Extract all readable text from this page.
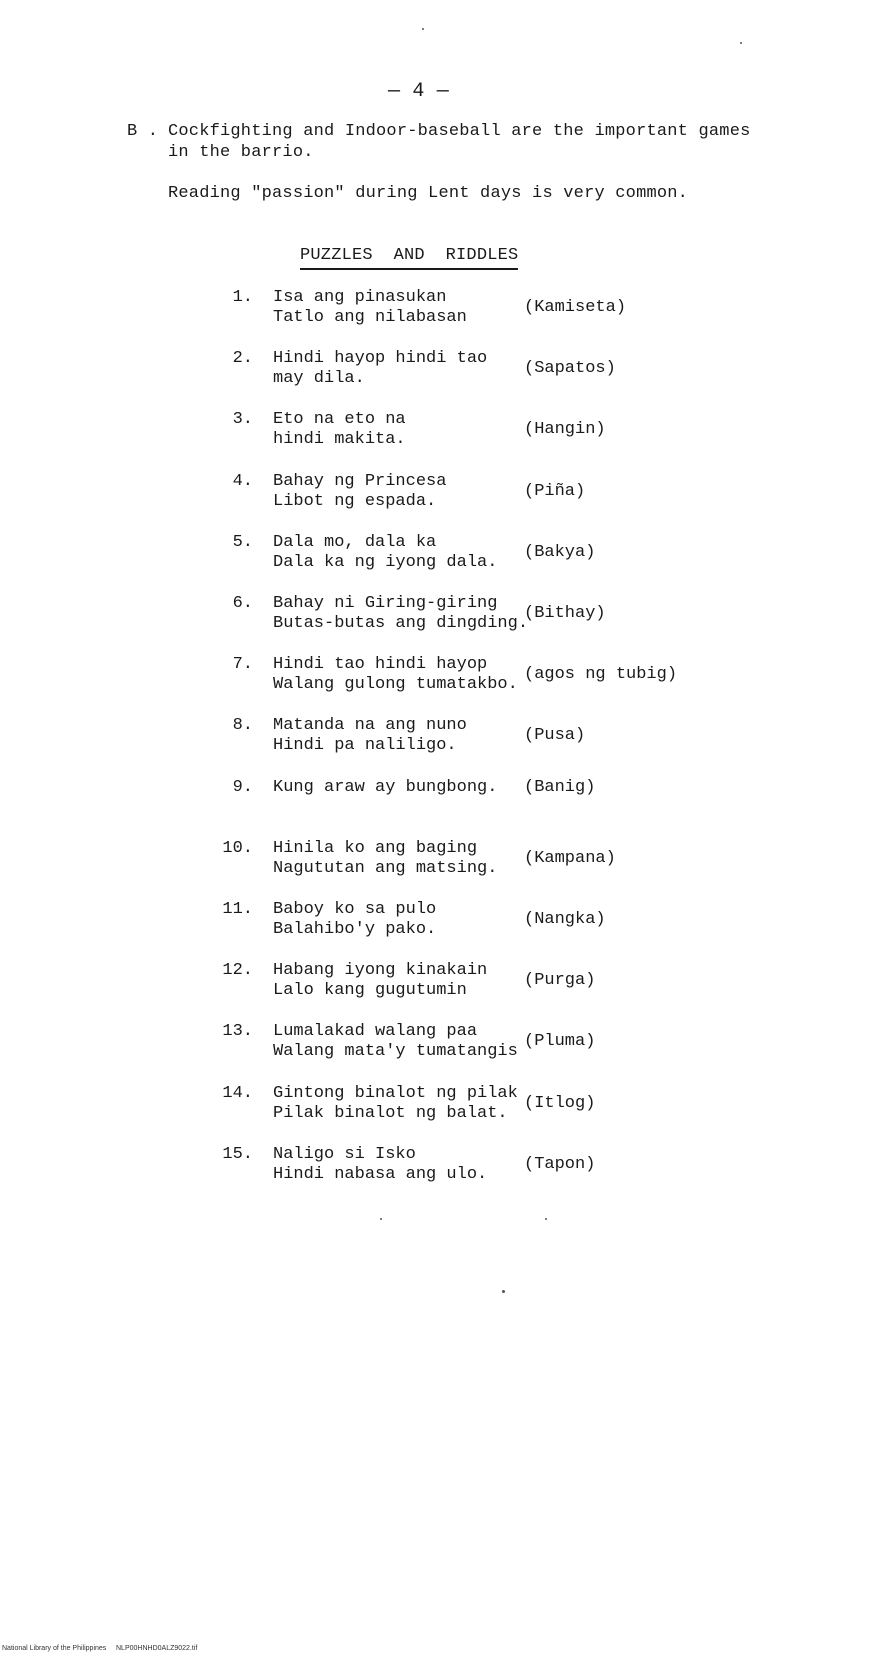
— 4 —
B . Cockfighting and Indoor-baseball are the important games
in the barrio.
Reading "passion" during Lent days is very common.
PUZZLES  AND  RIDDLES
1. Isa ang pinasukan
Tatlo ang nilabasan
(Kamiseta)
2. Hindi hayop hindi tao
may dila.
(Sapatos)
3. Eto na eto na
hindi makita.
(Hangin)
4. Bahay ng Princesa
Libot ng espada.
(Piña)
5. Dala mo, dala ka
Dala ka ng iyong dala.
(Bakya)
6. Bahay ni Giring-giring
Butas-butas ang dingding.
(Bithay)
7. Hindi tao hindi hayop
Walang gulong tumatakbo.
(agos ng tubig)
8. Matanda na ang nuno
Hindi pa naliligo.
(Pusa)
9. Kung araw ay bungbong. (Banig)
10. Hinila ko ang baging
Nagututan ang matsing.
(Kampana)
11. Baboy ko sa pulo
Balahibo'y pako.
(Nangka)
12. Habang iyong kinakain
Lalo kang gugutumin
(Purga)
13. Lumalakad walang paa
Walang mata'y tumatangis
(Pluma)
14. Gintong binalot ng pilak
Pilak binalot ng balat.
(Itlog)
15. Naligo si Isko
Hindi nabasa ang ulo.
(Tapon)
National Library of the Philippines     NLP00HNHD0ALZ9022.tif
